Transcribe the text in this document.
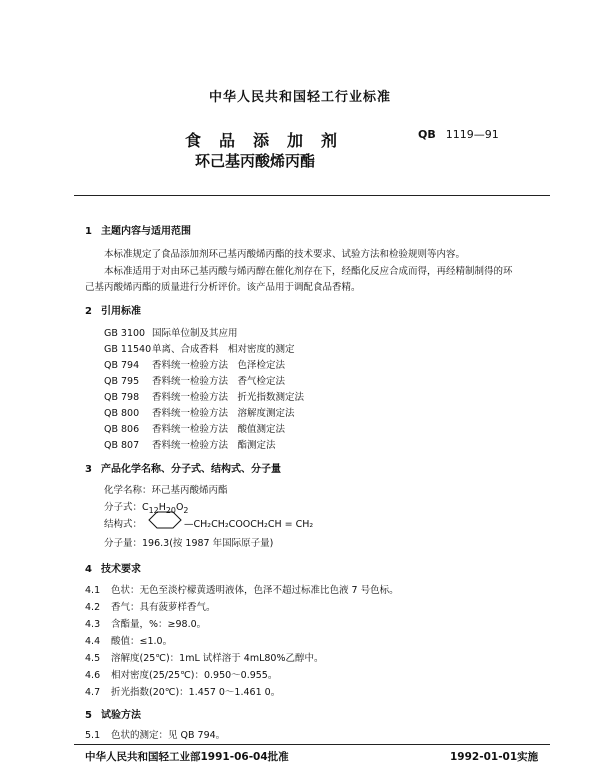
中华人民共和国轻工行业标准
食品添加剂	QB 1119—91
环己基丙酸烯丙酯
1 主题内容与适用范围
本标准规定了食品添加剂环己基丙酸烯丙酯的技术要求、试验方法和检验规则等内容。
本标准适用于对由环己基丙酸与烯丙醇在催化剂存在下，经酯化反应合成而得，再经精制制得的环
己基丙酸烯丙酯的质量进行分析评价。该产品用于调配食品香精。
2 引用标准
GB 3100 国际单位制及其应用
GB 11540单离、合成香料　相对密度的测定
QB 794 香料统一检验方法　色泽检定法
QB 795 香料统一检验方法　香气检定法
QB 798 香料统一检验方法　折光指数测定法
QB 800 香料统一检验方法　溶解度测定法
QB 806 香料统一检验方法　酸值测定法
QB 807 香料统一检验方法　酯测定法
3 产品化学名称、分子式、结构式、分子量
化学名称：环己基丙酸烯丙酯
分子式：$C_{12}H_{20}O_2$
结构式：	—CH₂CH₂COOCH₂CH = CH₂
分子量：196.3(按 1987 年国际原子量)
4 技术要求
4.1 色状：无色至淡柠檬黄透明液体，色泽不超过标准比色液 7 号色标。
4.2 香气：具有菠萝样香气。
4.3 含酯量，%：≥98.0。
4.4 酸值：≤1.0。
4.5 溶解度(25℃)：1mL 试样溶于 4mL80%乙醇中。
4.6 相对密度(25/25℃)：0.950～0.955。
4.7 折光指数(20℃)：1.457 0～1.461 0。
5 试验方法
5.1 色状的测定：见 QB 794。
中华人民共和国轻工业部1991-06-04批准	1992-01-01实施
